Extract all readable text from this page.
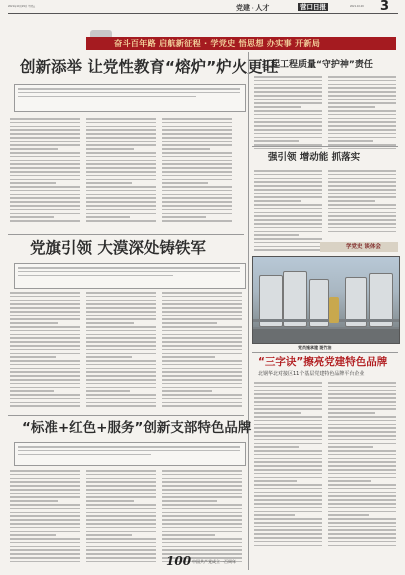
2021年10月29日 星期五	党建 · 人才	营口日报	2021.10.29 3
奋斗百年路 启航新征程 · 学党史 悟思想 办实事 开新局
创新添举 让党性教育“熔炉”炉火更旺
党旗引领 大漠深处铸铁军
“标准+红色+服务”创新支部特色品牌
扛起工程质量“守护神”责任
强引领 增动能 抓落实
学党史 谈体会
党员施承建 斑竹油
“三字诀”擦亮党建特色品牌
北钢华北对接区11个基层党建特色品牌平台企业
100 中国共产党成立一百周年
